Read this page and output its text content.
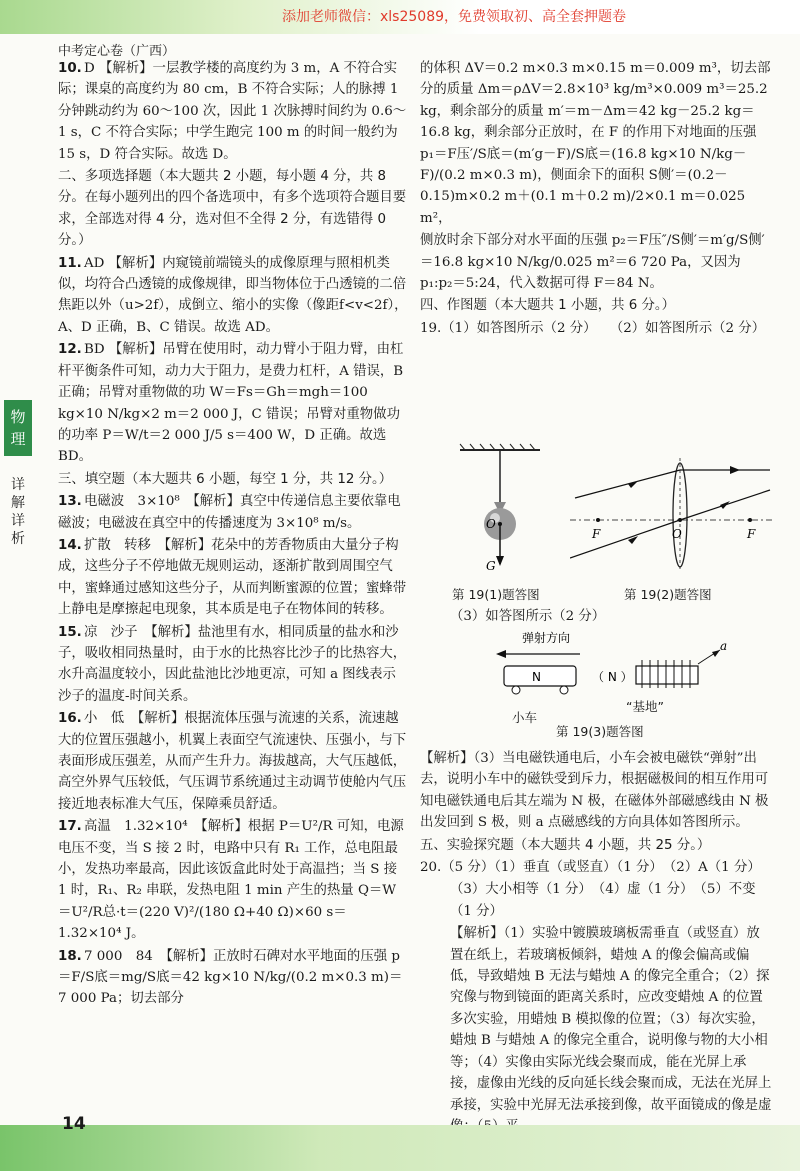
添加老师微信：xls25089，免费领取初、高全套押题卷
中考定心卷（广西）
物理
详解详析

10. D 【解析】一层教学楼的高度约为 3 m，A 不符合实际；课桌的高度约为 80 cm，B 不符合实际；人的脉搏 1 分钟跳动约为 60～100 次，因此 1 次脉搏时间约为 0.6～1 s，C 不符合实际；中学生跑完 100 m 的时间一般约为 15 s，D 符合实际。故选 D。

二、多项选择题（本大题共 2 小题，每小题 4 分，共 8 分。在每小题列出的四个备选项中，有多个选项符合题目要求，全部选对得 4 分，选对但不全得 2 分，有选错得 0 分。）

11. AD 【解析】内窥镜前端镜头的成像原理与照相机类似，均符合凸透镜的成像规律，即当物体位于凸透镜的二倍焦距以外（u>2f），成倒立、缩小的实像（像距f<v<2f），A、D 正确，B、C 错误。故选 AD。

12. BD 【解析】吊臂在使用时，动力臂小于阻力臂，由杠杆平衡条件可知，动力大于阻力，是费力杠杆，A 错误，B 正确；吊臂对重物做的功 W＝Fs＝Gh＝mgh＝100 kg×10 N/kg×2 m＝2 000 J，C 错误；吊臂对重物做功的功率 P＝W/t＝2 000 J/5 s＝400 W，D 正确。故选 BD。

三、填空题（本大题共 6 小题，每空 1 分，共 12 分。）

13. 电磁波　3×10⁸　【解析】真空中传递信息主要依靠电磁波；电磁波在真空中的传播速度为 3×10⁸ m/s。

14. 扩散　转移　【解析】花朵中的芳香物质由大量分子构成，这些分子不停地做无规则运动，逐渐扩散到周围空气中，蜜蜂通过感知这些分子，从而判断蜜源的位置；蜜蜂带上静电是摩擦起电现象，其本质是电子在物体间的转移。

15. 凉　沙子　【解析】盐池里有水，相同质量的盐水和沙子，吸收相同热量时，由于水的比热容比沙子的比热容大，水升高温度较小，因此盐池比沙地更凉，可知 a 图线表示沙子的温度-时间关系。

16. 小　低　【解析】根据流体压强与流速的关系，流速越大的位置压强越小，机翼上表面空气流速快、压强小，与下表面形成压强差，从而产生升力。海拔越高，大气压越低，高空外界气压较低，气压调节系统通过主动调节使舱内气压接近地表标准大气压，保障乘员舒适。

17. 高温　1.32×10⁴　【解析】根据 P＝U²/R 可知，电源电压不变，当 S 接 2 时，电路中只有 R₁ 工作，总电阻最小，发热功率最高，因此该饭盒此时处于高温挡；当 S 接 1 时，R₁、R₂ 串联，发热电阻 1 min 产生的热量 Q＝W＝U²/R总·t＝(220 V)²/(180 Ω+40 Ω)×60 s＝1.32×10⁴ J。

18. 7 000　84　【解析】正放时石碑对水平地面的压强 p＝F/S底＝mg/S底＝42 kg×10 N/kg/(0.2 m×0.3 m)＝7 000 Pa；切去部分

的体积 ΔV＝0.2 m×0.3 m×0.15 m＝0.009 m³，切去部分的质量 Δm＝ρΔV＝2.8×10³ kg/m³×0.009 m³＝25.2 kg，剩余部分的质量 m′＝m－Δm＝42 kg－25.2 kg＝16.8 kg，剩余部分正放时，在 F 的作用下对地面的压强 p₁＝F压′/S底＝(m′g－F)/S底＝(16.8 kg×10 N/kg－F)/(0.2 m×0.3 m)，侧面余下的面积 S侧′＝(0.2－0.15)m×0.2 m＋(0.1 m＋0.2 m)/2×0.1 m＝0.025 m²，

侧放时余下部分对水平面的压强 p₂＝F压″/S侧′＝m′g/S侧′＝16.8 kg×10 N/kg/0.025 m²＝6 720 Pa，又因为 p₁:p₂＝5:24，代入数据可得 F＝84 N。

四、作图题（本大题共 1 小题，共 6 分。）

19.（1）如答图所示（2 分）　　（2）如答图所示（2 分）

O
G
第 19(1)题答图
F	O	F
第 19(2)题答图
（3）如答图所示（2 分）
弹射方向
N	（ N ）
a
“基地”
小车
第 19(3)题答图

【解析】（3）当电磁铁通电后，小车会被电磁铁“弹射”出去，说明小车中的磁铁受到斥力，根据磁极间的相互作用可知电磁铁通电后其左端为 N 极，在磁体外部磁感线由 N 极出发回到 S 极，则 a 点磁感线的方向具体如答图所示。

五、实验探究题（本大题共 4 小题，共 25 分。）

20.（5 分）（1）垂直（或竖直）（1 分）　（2）A（1 分）

（3）大小相等（1 分）　（4）虚（1 分）　（5）不变（1 分）

【解析】（1）实验中镀膜玻璃板需垂直（或竖直）放置在纸上，若玻璃板倾斜，蜡烛 A 的像会偏高或偏低，导致蜡烛 B 无法与蜡烛 A 的像完全重合；（2）探究像与物到镜面的距离关系时，应改变蜡烛 A 的位置多次实验，用蜡烛 B 模拟像的位置；（3）每次实验，蜡烛 B 与蜡烛 A 的像完全重合，说明像与物的大小相等；（4）实像由实际光线会聚而成，能在光屏上承接，虚像由光线的反向延长线会聚而成，无法在光屏上承接，实验中光屏无法承接到像，故平面镜成的像是虚

14
